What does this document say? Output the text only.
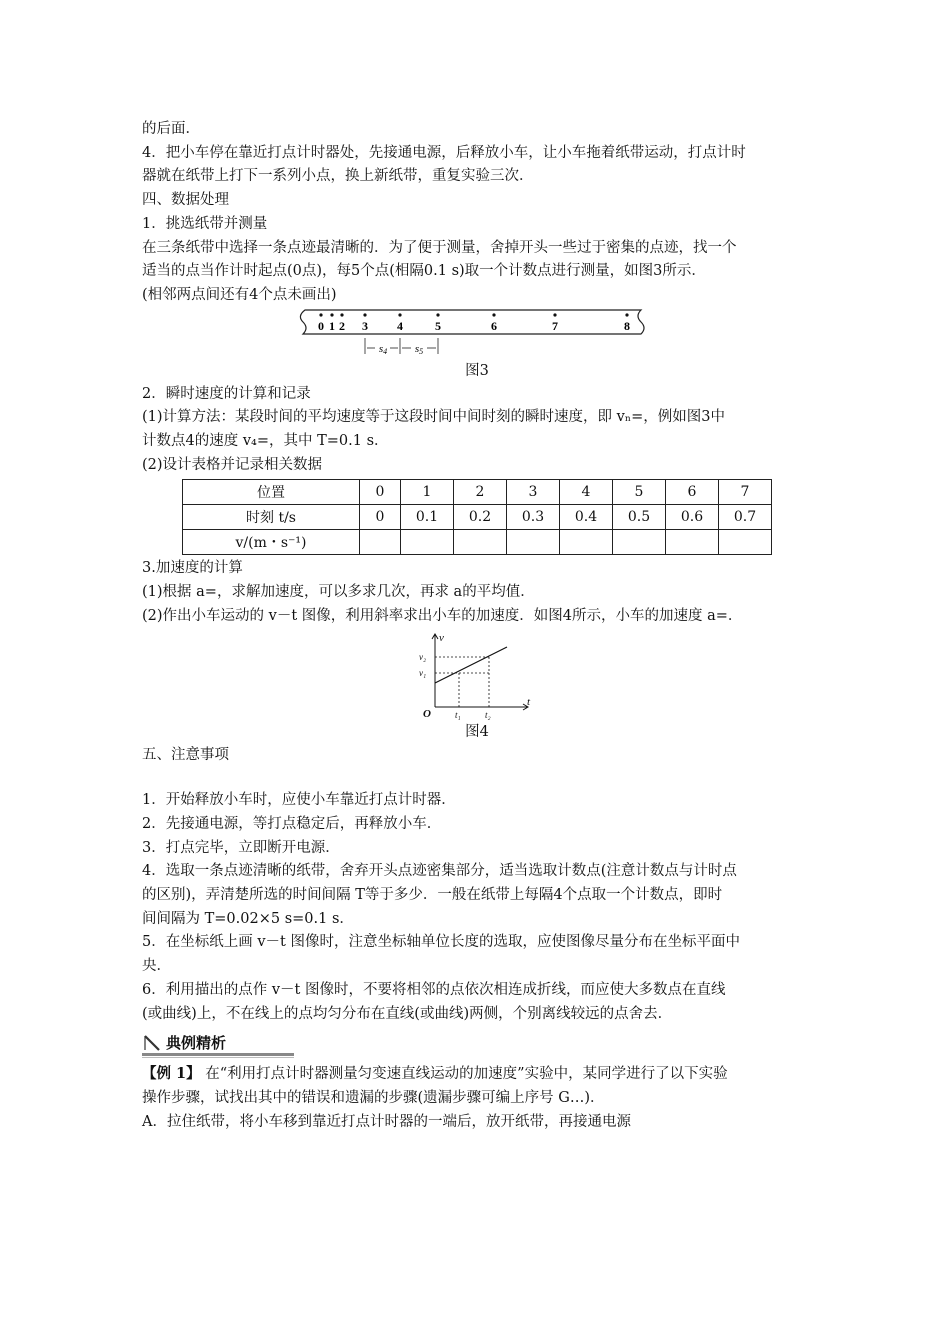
的后面．
4．把小车停在靠近打点计时器处，先接通电源，后释放小车，让小车拖着纸带运动，打点计时
器就在纸带上打下一系列小点，换上新纸带，重复实验三次．
四、数据处理
1．挑选纸带并测量
在三条纸带中选择一条点迹最清晰的．为了便于测量，舍掉开头一些过于密集的点迹，找一个
适当的点当作计时起点(0点)，每5个点(相隔0.1 s)取一个计数点进行测量，如图3所示．
(相邻两点间还有4个点未画出)
0 1 2 3 4	5	6	7	8
s4	s5
图3
2．瞬时速度的计算和记录
(1)计算方法：某段时间的平均速度等于这段时间中间时刻的瞬时速度，即 vₙ=，例如图3中
计数点4的速度 v₄=，其中 T=0.1 s．
(2)设计表格并记录相关数据
位置	0	1	2	3	4	5	6	7
时刻 t/s	0	0.1	0.2	0.3	0.4	0.5	0.6	0.7
v/(m・s⁻¹)								
3.加速度的计算
(1)根据 a=，求解加速度，可以多求几次，再求 a的平均值．
(2)作出小车运动的 v－t 图像，利用斜率求出小车的加速度．如图4所示，小车的加速度 a=．
v
t
O
v₂
v₁
t₁	t₂
图4
五、注意事项
1．开始释放小车时，应使小车靠近打点计时器．
2．先接通电源，等打点稳定后，再释放小车．
3．打点完毕，立即断开电源．
4．选取一条点迹清晰的纸带，舍弃开头点迹密集部分，适当选取计数点(注意计数点与计时点
的区别)，弄清楚所选的时间间隔 T等于多少．一般在纸带上每隔4个点取一个计数点，即时
间间隔为 T=0.02×5 s=0.1 s．
5．在坐标纸上画 v－t 图像时，注意坐标轴单位长度的选取，应使图像尽量分布在坐标平面中
央．
6．利用描出的点作 v－t 图像时，不要将相邻的点依次相连成折线，而应使大多数点在直线
(或曲线)上，不在线上的点均匀分布在直线(或曲线)两侧，个别离线较远的点舍去．
典例精析
【例 1】 在“利用打点计时器测量匀变速直线运动的加速度”实验中，某同学进行了以下实验
操作步骤，试找出其中的错误和遗漏的步骤(遗漏步骤可编上序号 G…)．
A．拉住纸带，将小车移到靠近打点计时器的一端后，放开纸带，再接通电源
